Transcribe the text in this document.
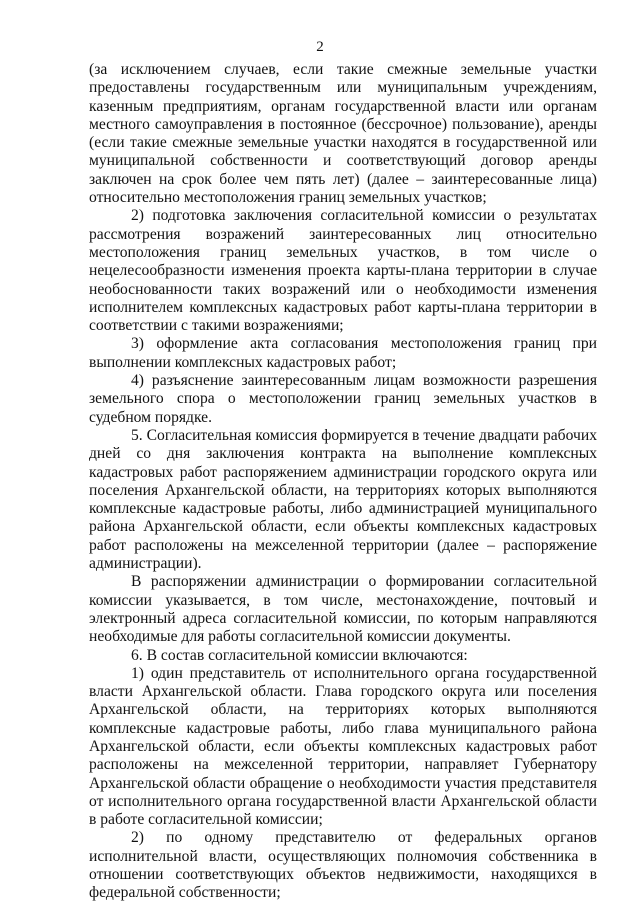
2

(за исключением случаев, если такие смежные земельные участки предоставлены государственным или муниципальным учреждениям, казенным предприятиям, органам государственной власти или органам местного самоуправления в постоянное (бессрочное) пользование), аренды (если такие смежные земельные участки находятся в государственной или муниципальной собственности и соответствующий договор аренды заключен на срок более чем пять лет) (далее – заинтересованные лица) относительно местоположения границ земельных участков;

2) подготовка заключения согласительной комиссии о результатах рассмотрения возражений заинтересованных лиц относительно местоположения границ земельных участков, в том числе о нецелесообразности изменения проекта карты-плана территории в случае необоснованности таких возражений или о необходимости изменения исполнителем комплексных кадастровых работ карты-плана территории в соответствии с такими возражениями;

3) оформление акта согласования местоположения границ при выполнении комплексных кадастровых работ;

4) разъяснение заинтересованным лицам возможности разрешения земельного спора о местоположении границ земельных участков в судебном порядке.

5. Согласительная комиссия формируется в течение двадцати рабочих дней со дня заключения контракта на выполнение комплексных кадастровых работ распоряжением администрации городского округа или поселения Архангельской области, на территориях которых выполняются комплексные кадастровые работы, либо администрацией муниципального района Архангельской области, если объекты комплексных кадастровых работ расположены на межселенной территории (далее – распоряжение администрации).

В распоряжении администрации о формировании согласительной комиссии указывается, в том числе, местонахождение, почтовый и электронный адреса согласительной комиссии, по которым направляются необходимые для работы согласительной комиссии документы.

6. В состав согласительной комиссии включаются:

1) один представитель от исполнительного органа государственной власти Архангельской области. Глава городского округа или поселения Архангельской области, на территориях которых выполняются комплексные кадастровые работы, либо глава муниципального района Архангельской области, если объекты комплексных кадастровых работ расположены на межселенной территории, направляет Губернатору Архангельской области обращение о необходимости участия представителя от исполнительного органа государственной власти Архангельской области в работе согласительной комиссии;

2) по одному представителю от федеральных органов исполнительной власти, осуществляющих полномочия собственника в отношении соответствующих объектов недвижимости, находящихся в федеральной собственности;
